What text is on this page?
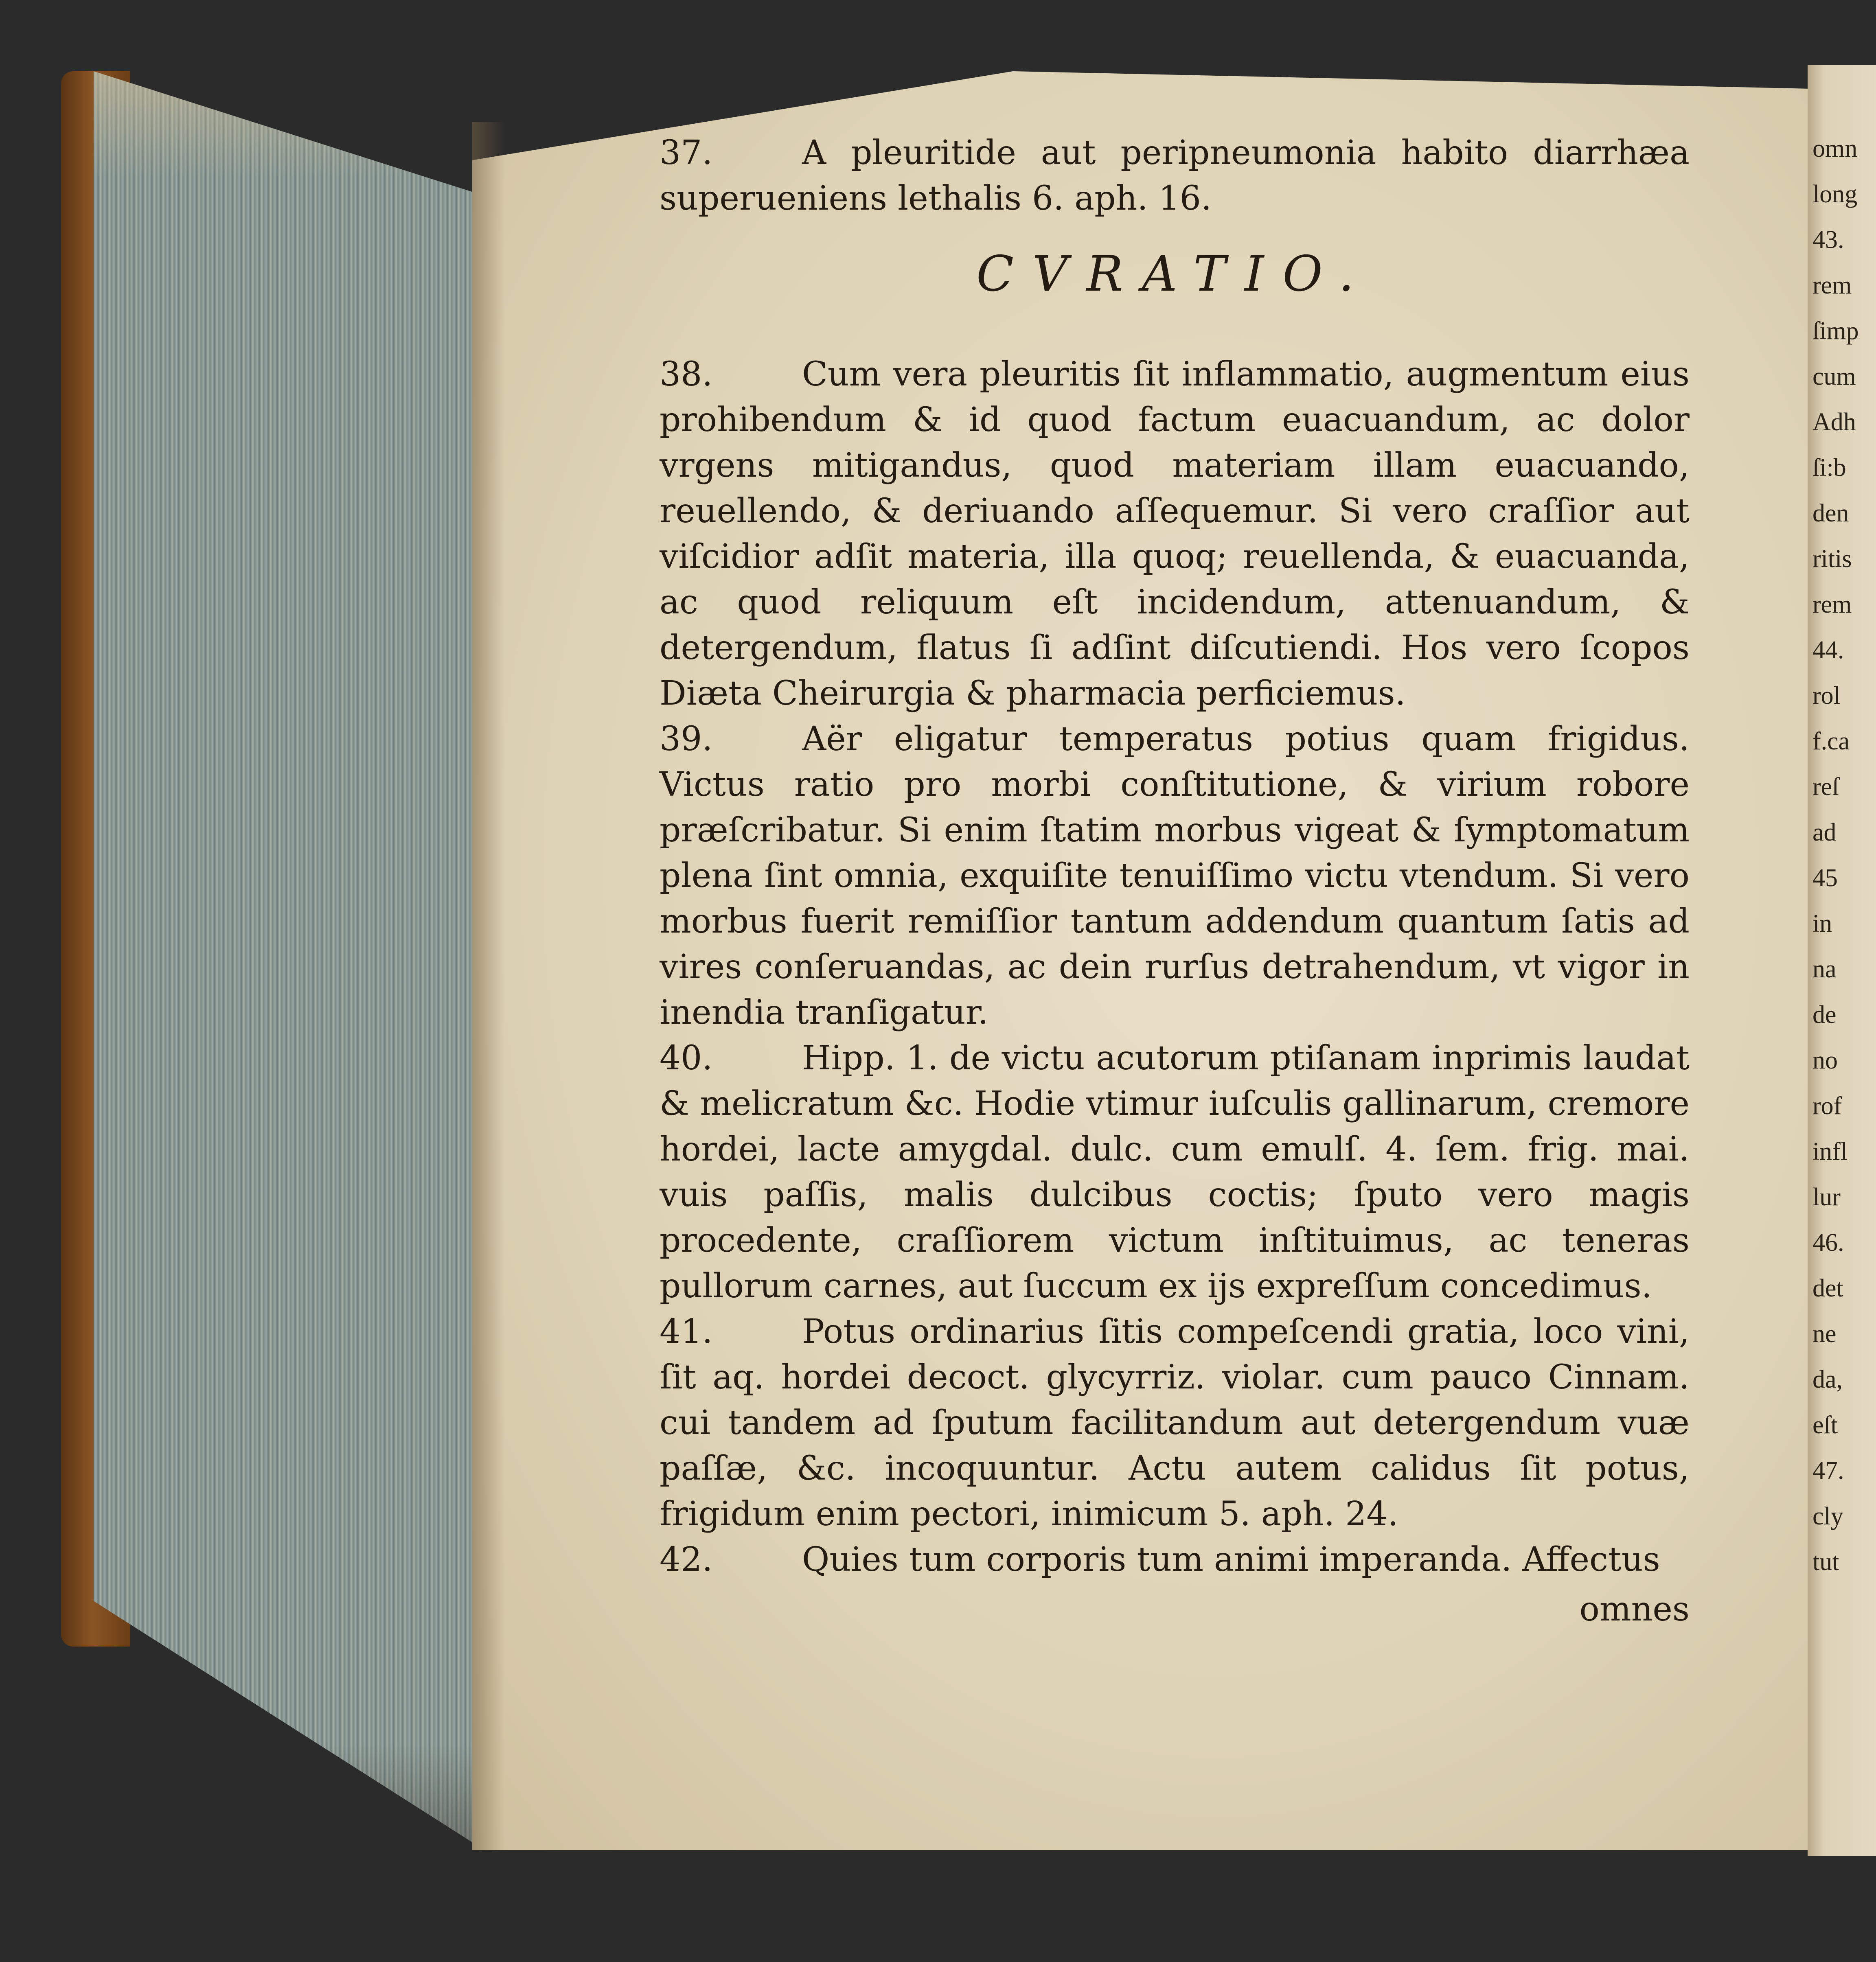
omn
long
43.
rem
ſimp
cum
Adh
ſi:b
den
ritis
rem
44.
rol
f.ca
reſ
ad
45
in
na
de
no
rof
infl
lur
46.
det
ne
da,
eſt
47.
cly
tut

37.	A pleuritide aut peripneumonia habito diarrhæa superueniens lethalis 6. aph. 16.

CVRATIO.

38.	Cum vera pleuritis ſit inflammatio, augmentum eius prohibendum & id quod factum euacuandum, ac dolor vrgens mitigandus, quod materiam illam euacuando, reuellendo, & deriuando aſſequemur. Si vero craſſior aut viſcidior adſit materia, illa quoq; reuellenda, & euacuanda, ac quod reliquum eſt incidendum, attenuandum, & detergendum, flatus ſi adſint diſcutiendi. Hos vero ſcopos Diæta Cheirurgia & pharmacia perficiemus.

39.	Aër eligatur temperatus potius quam frigidus. Victus ratio pro morbi conſtitutione, & virium robore præſcribatur. Si enim ſtatim morbus vigeat & ſymptomatum plena ſint omnia, exquiſite tenuiſſimo victu vtendum. Si vero morbus fuerit remiſſior tantum addendum quantum ſatis ad vires conſeruandas, ac dein rurſus detrahendum, vt vigor in inendia tranſigatur.

40.	Hipp. 1. de victu acutorum ptiſanam inprimis laudat & melicratum &c. Hodie vtimur iuſculis gallinarum, cremore hordei, lacte amygdal. dulc. cum emulſ. 4. ſem. frig. mai. vuis paſſis, malis dulcibus coctis; ſputo vero magis procedente, craſſiorem victum inſtituimus, ac teneras pullorum carnes, aut ſuccum ex ijs expreſſum concedimus.

41.	Potus ordinarius ſitis compeſcendi gratia, loco vini, ſit aq. hordei decoct. glycyrriz. violar. cum pauco Cinnam. cui tandem ad ſputum facilitandum aut detergendum vuæ paſſæ, &c. incoquuntur. Actu autem calidus ſit potus, frigidum enim pectori, inimicum 5. aph. 24.

42.	Quies tum corporis tum animi imperanda. Affectus

omnes
